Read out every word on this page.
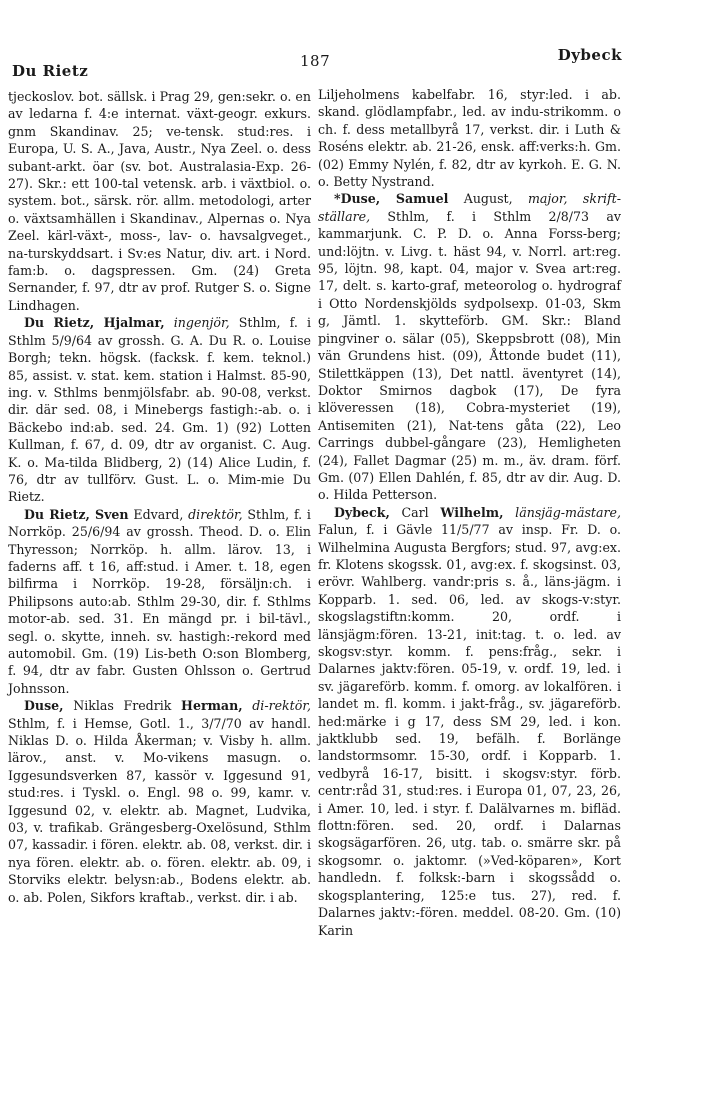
Du Rietz
187	Dybeck

tjeckoslov. bot. sällsk. i Prag 29, gen:sekr. o. en av ledarna f. 4:e internat. växt-geogr. exkurs. gnm Skandinav. 25; ve-tensk. stud:res. i Europa, U. S. A., Java, Austr., Nya Zeel. o. dess subant-arkt. öar (sv. bot. Australasia-Exp. 26-27). Skr.: ett 100-tal vetensk. arb. i växtbiol. o. system. bot., särsk. rör. allm. metodologi, arter o. växtsamhällen i Skandinav., Alpernas o. Nya Zeel. kärl-växt-, moss-, lav- o. havsalgveget., na-turskyddsart. i Sv:es Natur, div. art. i Nord. fam:b. o. dagspressen. Gm. (24) Greta Sernander, f. 97, dtr av prof. Rutger S. o. Signe Lindhagen.

Du Rietz, Hjalmar, ingenjör, Sthlm, f. i Sthlm 5/9/64 av grossh. G. A. Du R. o. Louise Borgh; tekn. högsk. (facksk. f. kem. teknol.) 85, assist. v. stat. kem. station i Halmst. 85-90, ing. v. Sthlms benmjölsfabr. ab. 90-08, verkst. dir. där sed. 08, i Minebergs fastigh:-ab. o. i Bäckebo ind:ab. sed. 24. Gm. 1) (92) Lotten Kullman, f. 67, d. 09, dtr av organist. C. Aug. K. o. Ma-tilda Blidberg, 2) (14) Alice Ludin, f. 76, dtr av tullförv. Gust. L. o. Mim-mie Du Rietz.

Du Rietz, Sven Edvard, direktör, Sthlm, f. i Norrköp. 25/6/94 av grossh. Theod. D. o. Elin Thyresson; Norrköp. h. allm. lärov. 13, i faderns aff. t 16, aff:stud. i Amer. t. 18, egen bilfirma i Norrköp. 19-28, försäljn:ch. i Philipsons auto:ab. Sthlm 29-30, dir. f. Sthlms motor-ab. sed. 31. En mängd pr. i bil-tävl., segl. o. skytte, inneh. sv. hastigh:-rekord med automobil. Gm. (19) Lis-beth O:son Blomberg, f. 94, dtr av fabr. Gusten Ohlsson o. Gertrud Johnsson.

Duse, Niklas Fredrik Herman, di-rektör, Sthlm, f. i Hemse, Gotl. 1., 3/7/70 av handl. Niklas D. o. Hilda Åkerman; v. Visby h. allm. lärov., anst. v. Mo-vikens masugn. o. Iggesundsverken 87, kassör v. Iggesund 91, stud:res. i Tyskl. o. Engl. 98 o. 99, kamr. v. Iggesund 02, v. elektr. ab. Magnet, Ludvika, 03, v. trafikab. Grängesberg-Oxelösund, Sthlm 07, kassadir. i fören. elektr. ab. 08, verkst. dir. i nya fören. elektr. ab. o. fören. elektr. ab. 09, i Storviks elektr. belysn:ab., Bodens elektr. ab. o. ab. Polen, Sikfors kraftab., verkst. dir. i ab.

Liljeholmens kabelfabr. 16, styr:led. i ab. skand. glödlampfabr., led. av indu-strikomm. o ch. f. dess metallbyrå 17, verkst. dir. i Luth & Roséns elektr. ab. 21-26, ensk. aff:verks:h. Gm. (02) Emmy Nylén, f. 82, dtr av kyrkoh. E. G. N. o. Betty Nystrand.

*Duse, Samuel August, major, skrift-ställare, Sthlm, f. i Sthlm 2/8/73 av kammarjunk. C. P. D. o. Anna Forss-berg; und:löjtn. v. Livg. t. häst 94, v. Norrl. art:reg. 95, löjtn. 98, kapt. 04, major v. Svea art:reg. 17, delt. s. karto-graf, meteorolog o. hydrograf i Otto Nordenskjölds sydpolsexp. 01-03, Skm g, Jämtl. 1. skytteförb. GM. Skr.: Bland pingviner o. sälar (05), Skeppsbrott (08), Min vän Grundens hist. (09), Åttonde budet (11), Stilettkäppen (13), Det nattl. äventyret (14), Doktor Smirnos dagbok (17), De fyra klöveressen (18), Cobra-mysteriet (19), Antisemiten (21), Nat-tens gåta (22), Leo Carrings dubbel-gångare (23), Hemligheten (24), Fallet Dagmar (25) m. m., äv. dram. förf. Gm. (07) Ellen Dahlén, f. 85, dtr av dir. Aug. D. o. Hilda Petterson.

Dybeck, Carl Wilhelm, länsjäg-mästare, Falun, f. i Gävle 11/5/77 av insp. Fr. D. o. Wilhelmina Augusta Bergfors; stud. 97, avg:ex. fr. Klotens skogssk. 01, avg:ex. f. skogsinst. 03, erövr. Wahlberg. vandr:pris s. å., läns-jägm. i Kopparb. 1. sed. 06, led. av skogs-v:styr. skogslagstiftn:komm. 20, ordf. i länsjägm:fören. 13-21, init:tag. t. o. led. av skogsv:styr. komm. f. pens:fråg., sekr. i Dalarnes jaktv:fören. 05-19, v. ordf. 19, led. i sv. jägareförb. komm. f. omorg. av lokalfören. i landet m. fl. komm. i jakt-fråg., sv. jägareförb. hed:märke i g 17, dess SM 29, led. i kon. jaktklubb sed. 19, befälh. f. Borlänge landstormsomr. 15-30, ordf. i Kopparb. 1. vedbyrå 16-17, bisitt. i skogsv:styr. förb. centr:råd 31, stud:res. i Europa 01, 07, 23, 26, i Amer. 10, led. i styr. f. Dalälvarnes m. bifläd. flottn:fören. sed. 20, ordf. i Dalarnas skogsägarfören. 26, utg. tab. o. smärre skr. på skogsomr. o. jaktomr. (»Ved-köparen», Kort handledn. f. folksk:-barn i skogssådd o. skogsplantering, 125:e tus. 27), red. f. Dalarnes jaktv:-fören. meddel. 08-20. Gm. (10) Karin
